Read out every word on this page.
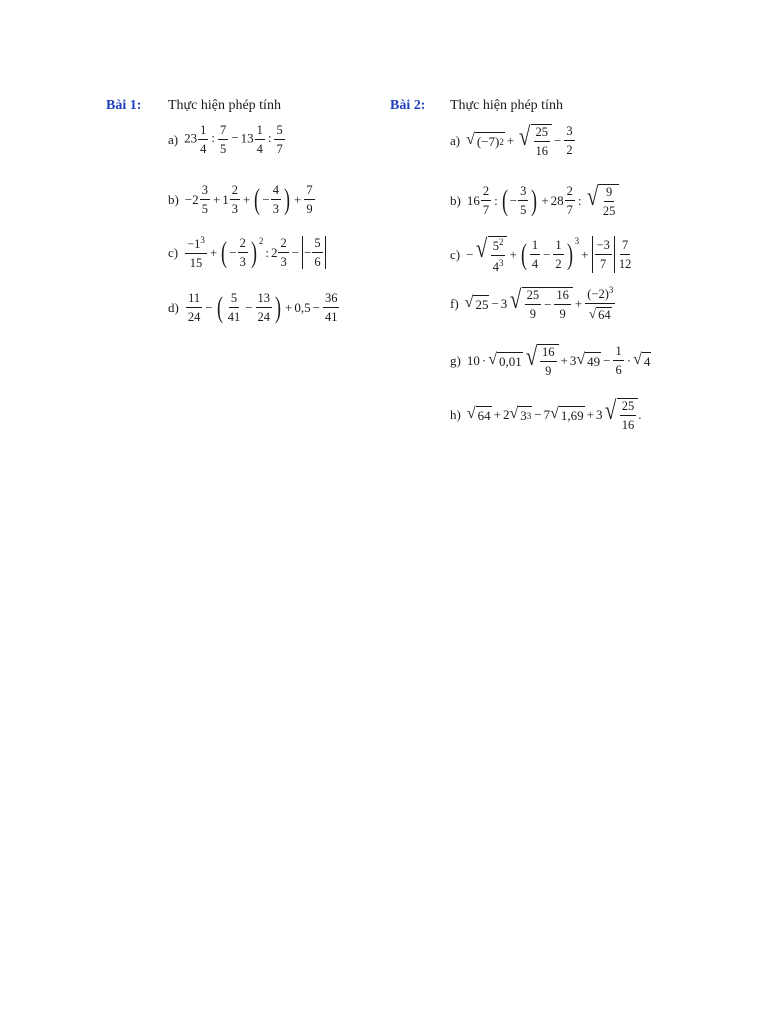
Bài 1:	Thực hiện phép tính
a) $23 \frac{1}{4}$ : $\frac{7}{5} - 13 \frac{1}{4}$ : $\frac{5}{7}$
$b) -2 \frac{3}{5} + 1 \frac{2}{3}$ + ( − $\frac{4}{3}$ ) + $\frac{7}{9}$
$c) \frac{-1^3}{15}$ + ( − $\frac{2}{3} )^2$
: $2 \frac{2}{3}$ − − $\frac{5}{6}$
$d) \frac{11}{24}$ − ( $\frac{5}{41} - \frac{13}{24}$ ) + $0,5 - \frac{36}{41}$
Bài 2:	Thực hiện phép tính
a) √ (−7) 2 + √ $\frac{25}{16} - \frac{3}{2}$
b) $16 \frac{2}{7}$ : ( − $\frac{3}{5}$ ) + $28 \frac{2}{7}$ : √ $\frac{9}{25}$
c) − √ $\frac{5^2}{4^3}$ + ( $\frac{1}{4} - \frac{1}{2} )^3$
+ $\frac{-3}{7} \frac{7}{12}$
f) √ 25 − 3 √ $\frac{25}{9} - \frac{16}{9} + \frac{(-2)^3}{√ 64}$
g) 10 · √ 0,01 √ $\frac{16}{9} + 3$ √ $49 - \frac{1}{6}$ · √ 4
h) √ 64 + 2 √ 3 3 − 7 √ 1,69 + 3 √ $\frac{25}{16}$ .
